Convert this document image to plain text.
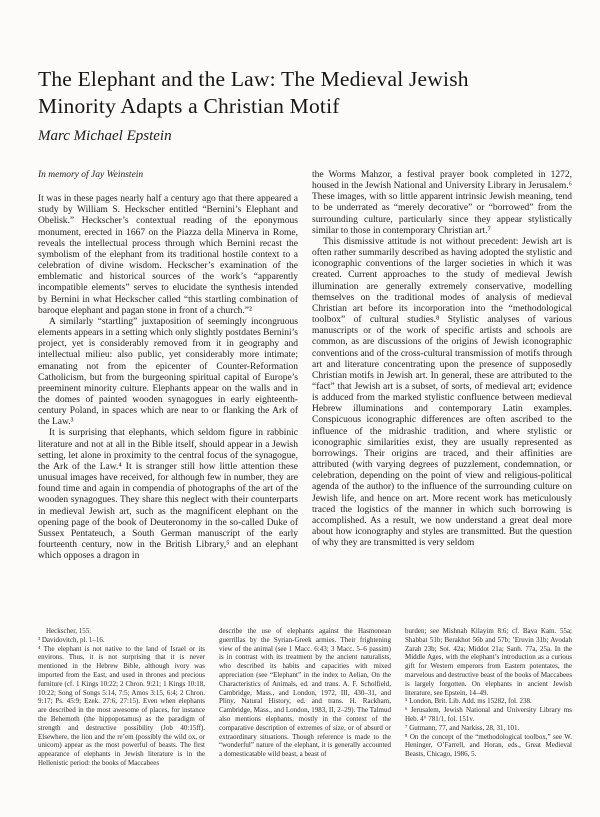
The Elephant and the Law: The Medieval Jewish Minority Adapts a Christian Motif
Marc Michael Epstein

In memory of Jay Weinstein

It was in these pages nearly half a century ago that there appeared a study by William S. Heckscher entitled “Bernini’s Elephant and Obelisk.” Heckscher’s contextual reading of the eponymous monument, erected in 1667 on the Piazza della Minerva in Rome, reveals the intellectual process through which Bernini recast the symbolism of the elephant from its traditional hostile context to a celebration of divine wisdom. Heckscher’s examination of the emblematic and historical sources of the work’s “apparently incompatible elements” serves to elucidate the synthesis intended by Bernini in what Heckscher called “this startling combination of baroque elephant and pagan stone in front of a church.”²

A similarly “startling” juxtaposition of seemingly incongruous elements appears in a setting which only slightly postdates Bernini’s project, yet is considerably removed from it in geography and intellectual milieu: also public, yet considerably more intimate; emanating not from the epicenter of Counter-Reformation Catholicism, but from the burgeoning spiritual capital of Europe’s preeminent minority culture. Elephants appear on the walls and in the domes of painted wooden synagogues in early eighteenth-century Poland, in spaces which are near to or flanking the Ark of the Law.³

It is surprising that elephants, which seldom figure in rabbinic literature and not at all in the Bible itself, should appear in a Jewish setting, let alone in proximity to the central focus of the synagogue, the Ark of the Law.⁴ It is stranger still how little attention these unusual images have received, for although few in number, they are found time and again in compendia of photographs of the art of the wooden synagogues. They share this neglect with their counterparts in medieval Jewish art, such as the magnificent elephant on the opening page of the book of Deuteronomy in the so-called Duke of Sussex Pentateuch, a South German manuscript of the early fourteenth century, now in the British Library,⁵ and an elephant which opposes a dragon in

the Worms Mahzor, a festival prayer book completed in 1272, housed in the Jewish National and University Library in Jerusalem.⁶ These images, with so little apparent intrinsic Jewish meaning, tend to be underrated as “merely decorative” or “borrowed” from the surrounding culture, particularly since they appear stylistically similar to those in contemporary Christian art.⁷

This dismissive attitude is not without precedent: Jewish art is often rather summarily described as having adopted the stylistic and iconographic conventions of the larger societies in which it was created. Current approaches to the study of medieval Jewish illumination are generally extremely conservative, modelling themselves on the traditional modes of analysis of medieval Christian art before its incorporation into the “methodological toolbox” of cultural studies.⁸ Stylistic analyses of various manuscripts or of the work of specific artists and schools are common, as are discussions of the origins of Jewish iconographic conventions and of the cross-cultural transmission of motifs through art and literature concentrating upon the presence of supposedly Christian motifs in Jewish art. In general, these are attributed to the “fact” that Jewish art is a subset, of sorts, of medieval art; evidence is adduced from the marked stylistic confluence between medieval Hebrew illuminations and contemporary Latin examples. Conspicuous iconographic differences are often ascribed to the influence of the midrashic tradition, and where stylistic or iconographic similarities exist, they are usually represented as borrowings. Their origins are traced, and their affinities are attributed (with varying degrees of puzzlement, condemnation, or celebration, depending on the point of view and religious-political agenda of the author) to the influence of the surrounding culture on Jewish life, and hence on art. More recent work has meticulously traced the logistics of the manner in which such borrowing is accomplished. As a result, we now understand a great deal more about how iconography and styles are transmitted. But the question of why they are transmitted is very seldom

Heckscher, 155.

³ Davidovitch, pl. 1–16.

⁴ The elephant is not native to the land of Israel or its environs. Thus, it is not surprising that it is never mentioned in the Hebrew Bible, although ivory was imported from the East, and used in thrones and precious furniture (cf. 1 Kings 10:22; 2 Chron. 9:21; 1 Kings 10:18, 10:22; Song of Songs 5:14, 7:5; Amos 3:15, 6:4; 2 Chron. 9:17; Ps. 45:9; Ezek. 27:6, 27:15). Even when elephants are described in the most awesome of places, for instance the Behemoth (the hippopotamus) as the paradigm of strength and destructive possibility (Job 40:15ff). Elsewhere, the lion and the re’em (possibly the wild ox, or unicorn) appear as the most powerful of beasts. The first appearance of elephants in Jewish literature is in the Hellenistic period: the books of Maccabees

describe the use of elephants against the Hasmonean guerrillas by the Syrian-Greek armies. Their frightening view of the animal (see 1 Macc. 6:43; 3 Macc. 5–6 passim) is in contrast with its treatment by the ancient naturalists, who described its habits and capacities with mixed appreciation (see “Elephant” in the index to Aelian, On the Characteristics of Animals, ed. and trans. A. F. Scholfield, Cambridge, Mass., and London, 1972, III, 430–31, and Pliny, Natural History, ed. and trans. H. Rackham, Cambridge, Mass., and London, 1983, II, 2–29). The Talmud also mentions elephants, mostly in the context of the comparative description of extremes of size, or of absurd or extraordinary situations. Though reference is made to the “wonderful” nature of the elephant, it is generally accounted a domesticatable wild beast, a beast of

burden; see Mishnah Kilayim 8:6; cf. Bava Kam. 55a; Shabbat 51b; Berakhot 56b and 57b; ’Eruvin 31b; Avodah Zarah 23b; Sot. 42a; Middot 21a; Sanh. 77a, 25a. In the Middle Ages, with the elephant’s introduction as a curious gift for Western emperors from Eastern potentates, the marvelous and destructive beast of the books of Maccabees is largely forgotten. On elephants in ancient Jewish literature, see Epstein, 14–49.

⁵ London, Brit. Lib. Add. ms 15282, fol. 238.

⁶ Jerusalem, Jewish National and University Library ms Heb. 4° 781/1, fol. 151v.

⁷ Gutmann, 77, and Narkiss, 28, 31, 101.

⁸ On the concept of the “methodological toolbox,” see W. Heninger, O’Farrell, and Horan, eds., Great Medieval Beasts, Chicago, 1986, 5.
